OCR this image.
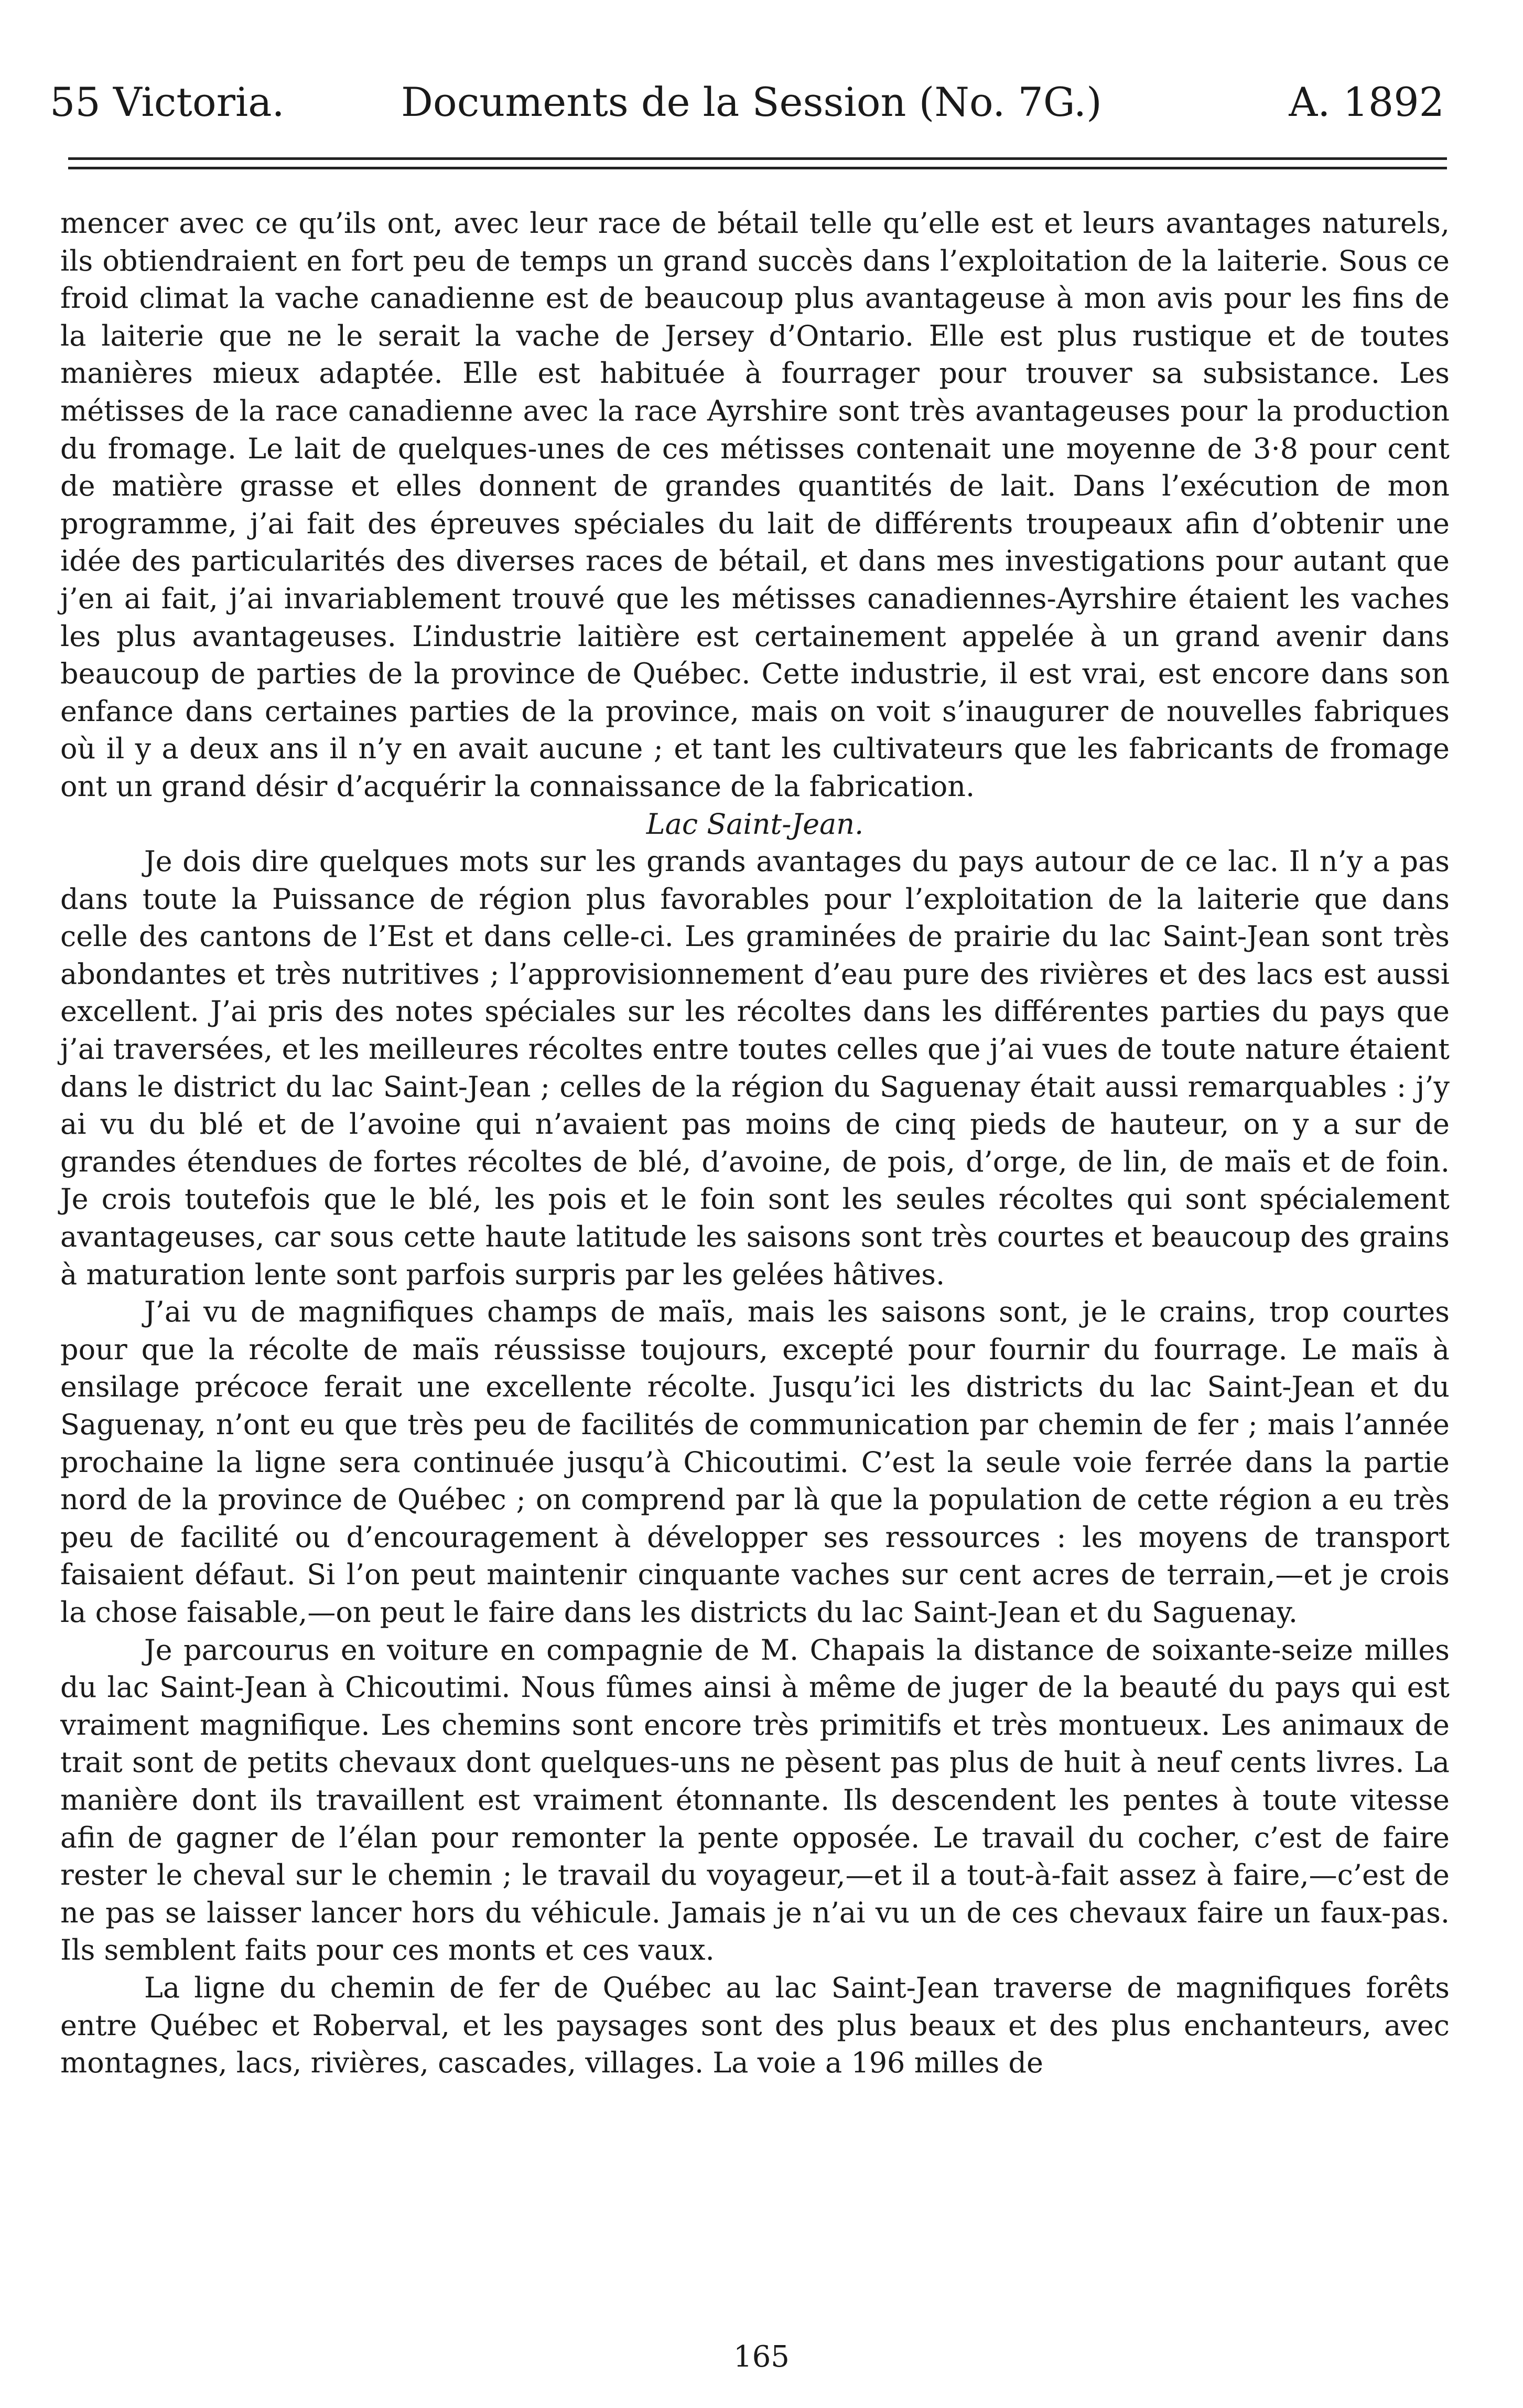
55 Victoria.	Documents de la Session (No. 7G.)	A. 1892

mencer avec ce qu’ils ont, avec leur race de bétail telle qu’elle est et leurs avantages naturels, ils obtiendraient en fort peu de temps un grand succès dans l’exploitation de la laiterie. Sous ce froid climat la vache canadienne est de beaucoup plus avantageuse à mon avis pour les fins de la laiterie que ne le serait la vache de Jersey d’Ontario. Elle est plus rustique et de toutes manières mieux adaptée. Elle est habituée à fourrager pour trouver sa subsistance. Les métisses de la race canadienne avec la race Ayrshire sont très avantageuses pour la production du fromage. Le lait de quelques-unes de ces métisses contenait une moyenne de 3·8 pour cent de matière grasse et elles donnent de grandes quantités de lait. Dans l’exécution de mon programme, j’ai fait des épreuves spéciales du lait de différents troupeaux afin d’obtenir une idée des particularités des diverses races de bétail, et dans mes investigations pour autant que j’en ai fait, j’ai invariablement trouvé que les métisses canadiennes-Ayrshire étaient les vaches les plus avantageuses. L’industrie laitière est certainement appelée à un grand avenir dans beaucoup de parties de la province de Québec. Cette industrie, il est vrai, est encore dans son enfance dans certaines parties de la province, mais on voit s’inaugurer de nouvelles fabriques où il y a deux ans il n’y en avait aucune ; et tant les cultivateurs que les fabricants de fromage ont un grand désir d’acquérir la connaissance de la fabrication.

Lac Saint-Jean.

Je dois dire quelques mots sur les grands avantages du pays autour de ce lac. Il n’y a pas dans toute la Puissance de région plus favorables pour l’exploitation de la laiterie que dans celle des cantons de l’Est et dans celle-ci. Les graminées de prairie du lac Saint-Jean sont très abondantes et très nutritives ; l’approvisionnement d’eau pure des rivières et des lacs est aussi excellent. J’ai pris des notes spéciales sur les récoltes dans les différentes parties du pays que j’ai traversées, et les meilleures récoltes entre toutes celles que j’ai vues de toute nature étaient dans le district du lac Saint-Jean ; celles de la région du Saguenay était aussi remarquables : j’y ai vu du blé et de l’avoine qui n’avaient pas moins de cinq pieds de hauteur, on y a sur de grandes étendues de fortes récoltes de blé, d’avoine, de pois, d’orge, de lin, de maïs et de foin. Je crois toutefois que le blé, les pois et le foin sont les seules récoltes qui sont spécialement avantageuses, car sous cette haute latitude les saisons sont très courtes et beaucoup des grains à maturation lente sont parfois surpris par les gelées hâtives.

J’ai vu de magnifiques champs de maïs, mais les saisons sont, je le crains, trop courtes pour que la récolte de maïs réussisse toujours, excepté pour fournir du fourrage. Le maïs à ensilage précoce ferait une excellente récolte. Jusqu’ici les districts du lac Saint-Jean et du Saguenay, n’ont eu que très peu de facilités de communication par chemin de fer ; mais l’année prochaine la ligne sera continuée jusqu’à Chicoutimi. C’est la seule voie ferrée dans la partie nord de la province de Québec ; on comprend par là que la population de cette région a eu très peu de facilité ou d’encouragement à développer ses ressources : les moyens de transport faisaient défaut. Si l’on peut maintenir cinquante vaches sur cent acres de terrain,—et je crois la chose faisable,—on peut le faire dans les districts du lac Saint-Jean et du Saguenay.

Je parcourus en voiture en compagnie de M. Chapais la distance de soixante-seize milles du lac Saint-Jean à Chicoutimi. Nous fûmes ainsi à même de juger de la beauté du pays qui est vraiment magnifique. Les chemins sont encore très primitifs et très montueux. Les animaux de trait sont de petits chevaux dont quelques-uns ne pèsent pas plus de huit à neuf cents livres. La manière dont ils travaillent est vraiment étonnante. Ils descendent les pentes à toute vitesse afin de gagner de l’élan pour remonter la pente opposée. Le travail du cocher, c’est de faire rester le cheval sur le chemin ; le travail du voyageur,—et il a tout-à-fait assez à faire,—c’est de ne pas se laisser lancer hors du véhicule. Jamais je n’ai vu un de ces chevaux faire un faux-pas. Ils semblent faits pour ces monts et ces vaux.

La ligne du chemin de fer de Québec au lac Saint-Jean traverse de magnifiques forêts entre Québec et Roberval, et les paysages sont des plus beaux et des plus enchanteurs, avec montagnes, lacs, rivières, cascades, villages. La voie a 196 milles de

165
